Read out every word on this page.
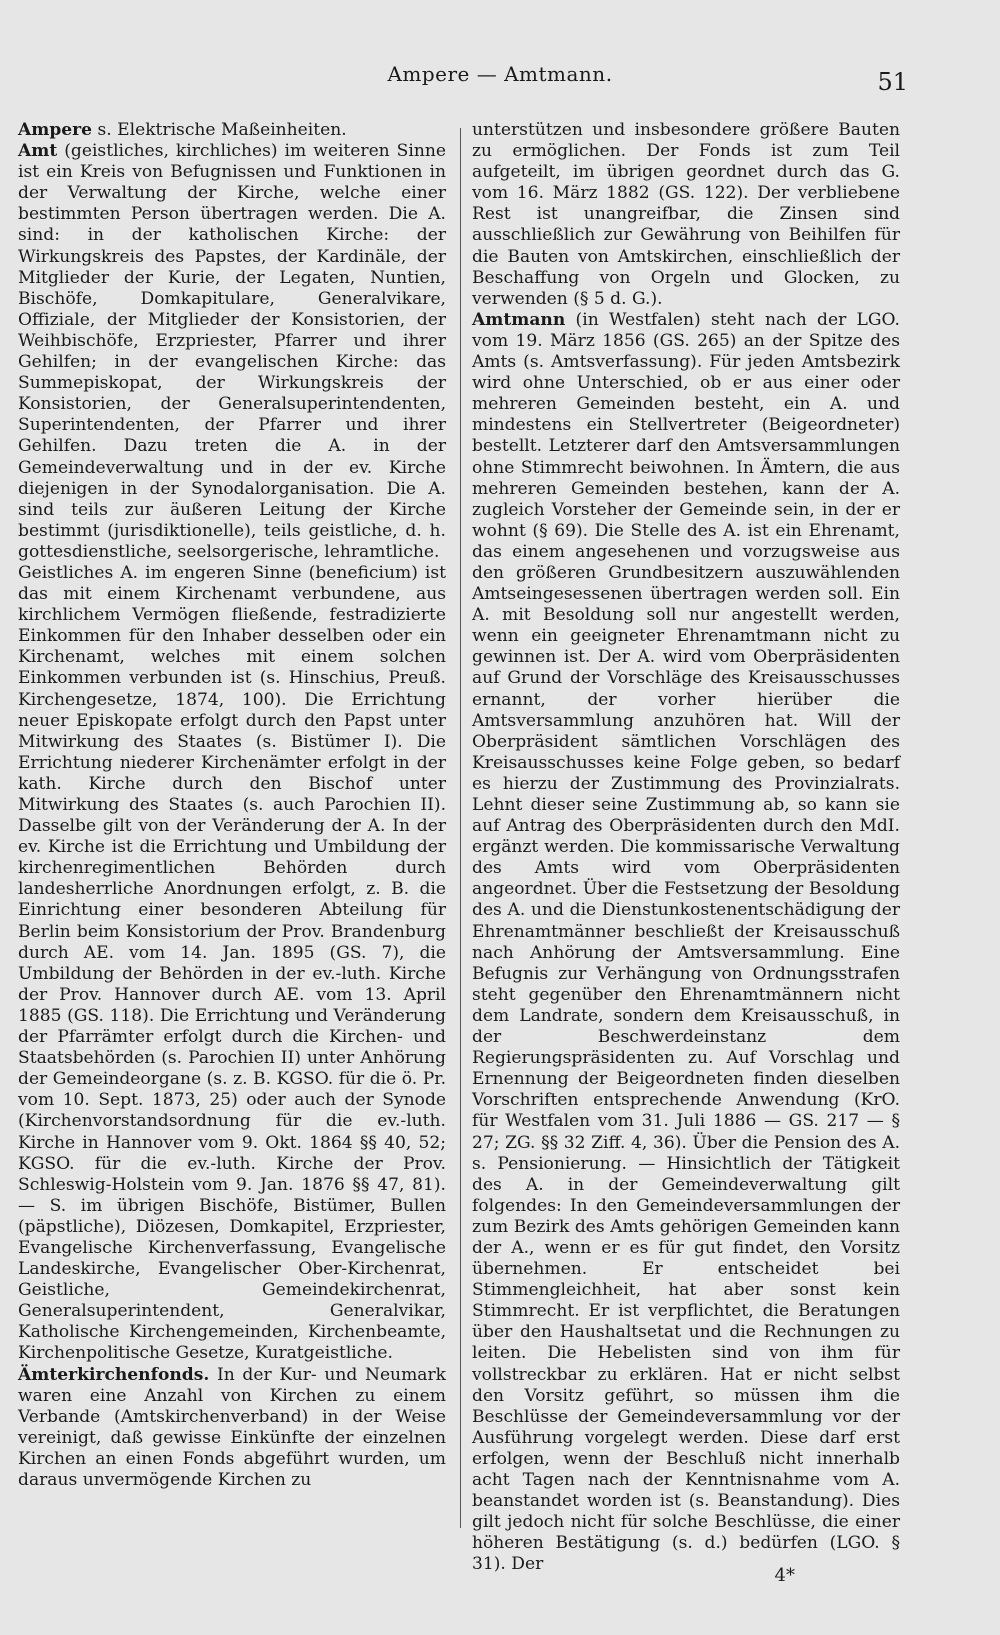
Ampere — Amtmann.	51

Ampere s. Elektrische Maßeinheiten.

Amt (geistliches, kirchliches) im weiteren Sinne ist ein Kreis von Befugnissen und Funktionen in der Verwaltung der Kirche, welche einer bestimmten Person übertragen werden. Die A. sind: in der katholischen Kirche: der Wirkungskreis des Papstes, der Kardinäle, der Mitglieder der Kurie, der Legaten, Nuntien, Bischöfe, Domkapitulare, Generalvikare, Offiziale, der Mitglieder der Konsistorien, der Weihbischöfe, Erzpriester, Pfarrer und ihrer Gehilfen; in der evangelischen Kirche: das Summepiskopat, der Wirkungskreis der Konsistorien, der Generalsuperintendenten, Superintendenten, der Pfarrer und ihrer Gehilfen. Dazu treten die A. in der Gemeindeverwaltung und in der ev. Kirche diejenigen in der Synodalorganisation. Die A. sind teils zur äußeren Leitung der Kirche bestimmt (jurisdiktionelle), teils geistliche, d. h. gottesdienstliche, seelsorgerische, lehramtliche.

Geistliches A. im engeren Sinne (beneficium) ist das mit einem Kirchenamt verbundene, aus kirchlichem Vermögen fließende, festradizierte Einkommen für den Inhaber desselben oder ein Kirchenamt, welches mit einem solchen Einkommen verbunden ist (s. Hinschius, Preuß. Kirchengesetze, 1874, 100). Die Errichtung neuer Episkopate erfolgt durch den Papst unter Mitwirkung des Staates (s. Bistümer I). Die Errichtung niederer Kirchenämter erfolgt in der kath. Kirche durch den Bischof unter Mitwirkung des Staates (s. auch Parochien II). Dasselbe gilt von der Veränderung der A. In der ev. Kirche ist die Errichtung und Umbildung der kirchenregimentlichen Behörden durch landesherrliche Anordnungen erfolgt, z. B. die Einrichtung einer besonderen Abteilung für Berlin beim Konsistorium der Prov. Brandenburg durch AE. vom 14. Jan. 1895 (GS. 7), die Umbildung der Behörden in der ev.-luth. Kirche der Prov. Hannover durch AE. vom 13. April 1885 (GS. 118). Die Errichtung und Veränderung der Pfarrämter erfolgt durch die Kirchen- und Staatsbehörden (s. Parochien II) unter Anhörung der Gemeindeorgane (s. z. B. KGSO. für die ö. Pr. vom 10. Sept. 1873, 25) oder auch der Synode (Kirchenvorstandsordnung für die ev.-luth. Kirche in Hannover vom 9. Okt. 1864 §§ 40, 52; KGSO. für die ev.-luth. Kirche der Prov. Schleswig-Holstein vom 9. Jan. 1876 §§ 47, 81). — S. im übrigen Bischöfe, Bistümer, Bullen (päpstliche), Diözesen, Domkapitel, Erzpriester, Evangelische Kirchenverfassung, Evangelische Landeskirche, Evangelischer Ober-Kirchenrat, Geistliche, Gemeindekirchenrat, Generalsuperintendent, Generalvikar, Katholische Kirchengemeinden, Kirchenbeamte, Kirchenpolitische Gesetze, Kuratgeistliche.

Ämterkirchenfonds. In der Kur- und Neumark waren eine Anzahl von Kirchen zu einem Verbande (Amtskirchenverband) in der Weise vereinigt, daß gewisse Einkünfte der einzelnen Kirchen an einen Fonds abgeführt wurden, um daraus unvermögende Kirchen zu

unterstützen und insbesondere größere Bauten zu ermöglichen. Der Fonds ist zum Teil aufgeteilt, im übrigen geordnet durch das G. vom 16. März 1882 (GS. 122). Der verbliebene Rest ist unangreifbar, die Zinsen sind ausschließlich zur Gewährung von Beihilfen für die Bauten von Amtskirchen, einschließlich der Beschaffung von Orgeln und Glocken, zu verwenden (§ 5 d. G.).

Amtmann (in Westfalen) steht nach der LGO. vom 19. März 1856 (GS. 265) an der Spitze des Amts (s. Amtsverfassung). Für jeden Amtsbezirk wird ohne Unterschied, ob er aus einer oder mehreren Gemeinden besteht, ein A. und mindestens ein Stellvertreter (Beigeordneter) bestellt. Letzterer darf den Amtsversammlungen ohne Stimmrecht beiwohnen. In Ämtern, die aus mehreren Gemeinden bestehen, kann der A. zugleich Vorsteher der Gemeinde sein, in der er wohnt (§ 69). Die Stelle des A. ist ein Ehrenamt, das einem angesehenen und vorzugsweise aus den größeren Grundbesitzern auszuwählenden Amtseingesessenen übertragen werden soll. Ein A. mit Besoldung soll nur angestellt werden, wenn ein geeigneter Ehrenamtmann nicht zu gewinnen ist. Der A. wird vom Oberpräsidenten auf Grund der Vorschläge des Kreisausschusses ernannt, der vorher hierüber die Amtsversammlung anzuhören hat. Will der Oberpräsident sämtlichen Vorschlägen des Kreisausschusses keine Folge geben, so bedarf es hierzu der Zustimmung des Provinzialrats. Lehnt dieser seine Zustimmung ab, so kann sie auf Antrag des Oberpräsidenten durch den MdI. ergänzt werden. Die kommissarische Verwaltung des Amts wird vom Oberpräsidenten angeordnet. Über die Festsetzung der Besoldung des A. und die Dienstunkostenentschädigung der Ehrenamtmänner beschließt der Kreisausschuß nach Anhörung der Amtsversammlung. Eine Befugnis zur Verhängung von Ordnungsstrafen steht gegenüber den Ehrenamtmännern nicht dem Landrate, sondern dem Kreisausschuß, in der Beschwerdeinstanz dem Regierungspräsidenten zu. Auf Vorschlag und Ernennung der Beigeordneten finden dieselben Vorschriften entsprechende Anwendung (KrO. für Westfalen vom 31. Juli 1886 — GS. 217 — § 27; ZG. §§ 32 Ziff. 4, 36). Über die Pension des A. s. Pensionierung. — Hinsichtlich der Tätigkeit des A. in der Gemeindeverwaltung gilt folgendes: In den Gemeindeversammlungen der zum Bezirk des Amts gehörigen Gemeinden kann der A., wenn er es für gut findet, den Vorsitz übernehmen. Er entscheidet bei Stimmengleichheit, hat aber sonst kein Stimmrecht. Er ist verpflichtet, die Beratungen über den Haushaltsetat und die Rechnungen zu leiten. Die Hebelisten sind von ihm für vollstreckbar zu erklären. Hat er nicht selbst den Vorsitz geführt, so müssen ihm die Beschlüsse der Gemeindeversammlung vor der Ausführung vorgelegt werden. Diese darf erst erfolgen, wenn der Beschluß nicht innerhalb acht Tagen nach der Kenntnisnahme vom A. beanstandet worden ist (s. Beanstandung). Dies gilt jedoch nicht für solche Beschlüsse, die einer höheren Bestätigung (s. d.) bedürfen (LGO. § 31). Der

4*
